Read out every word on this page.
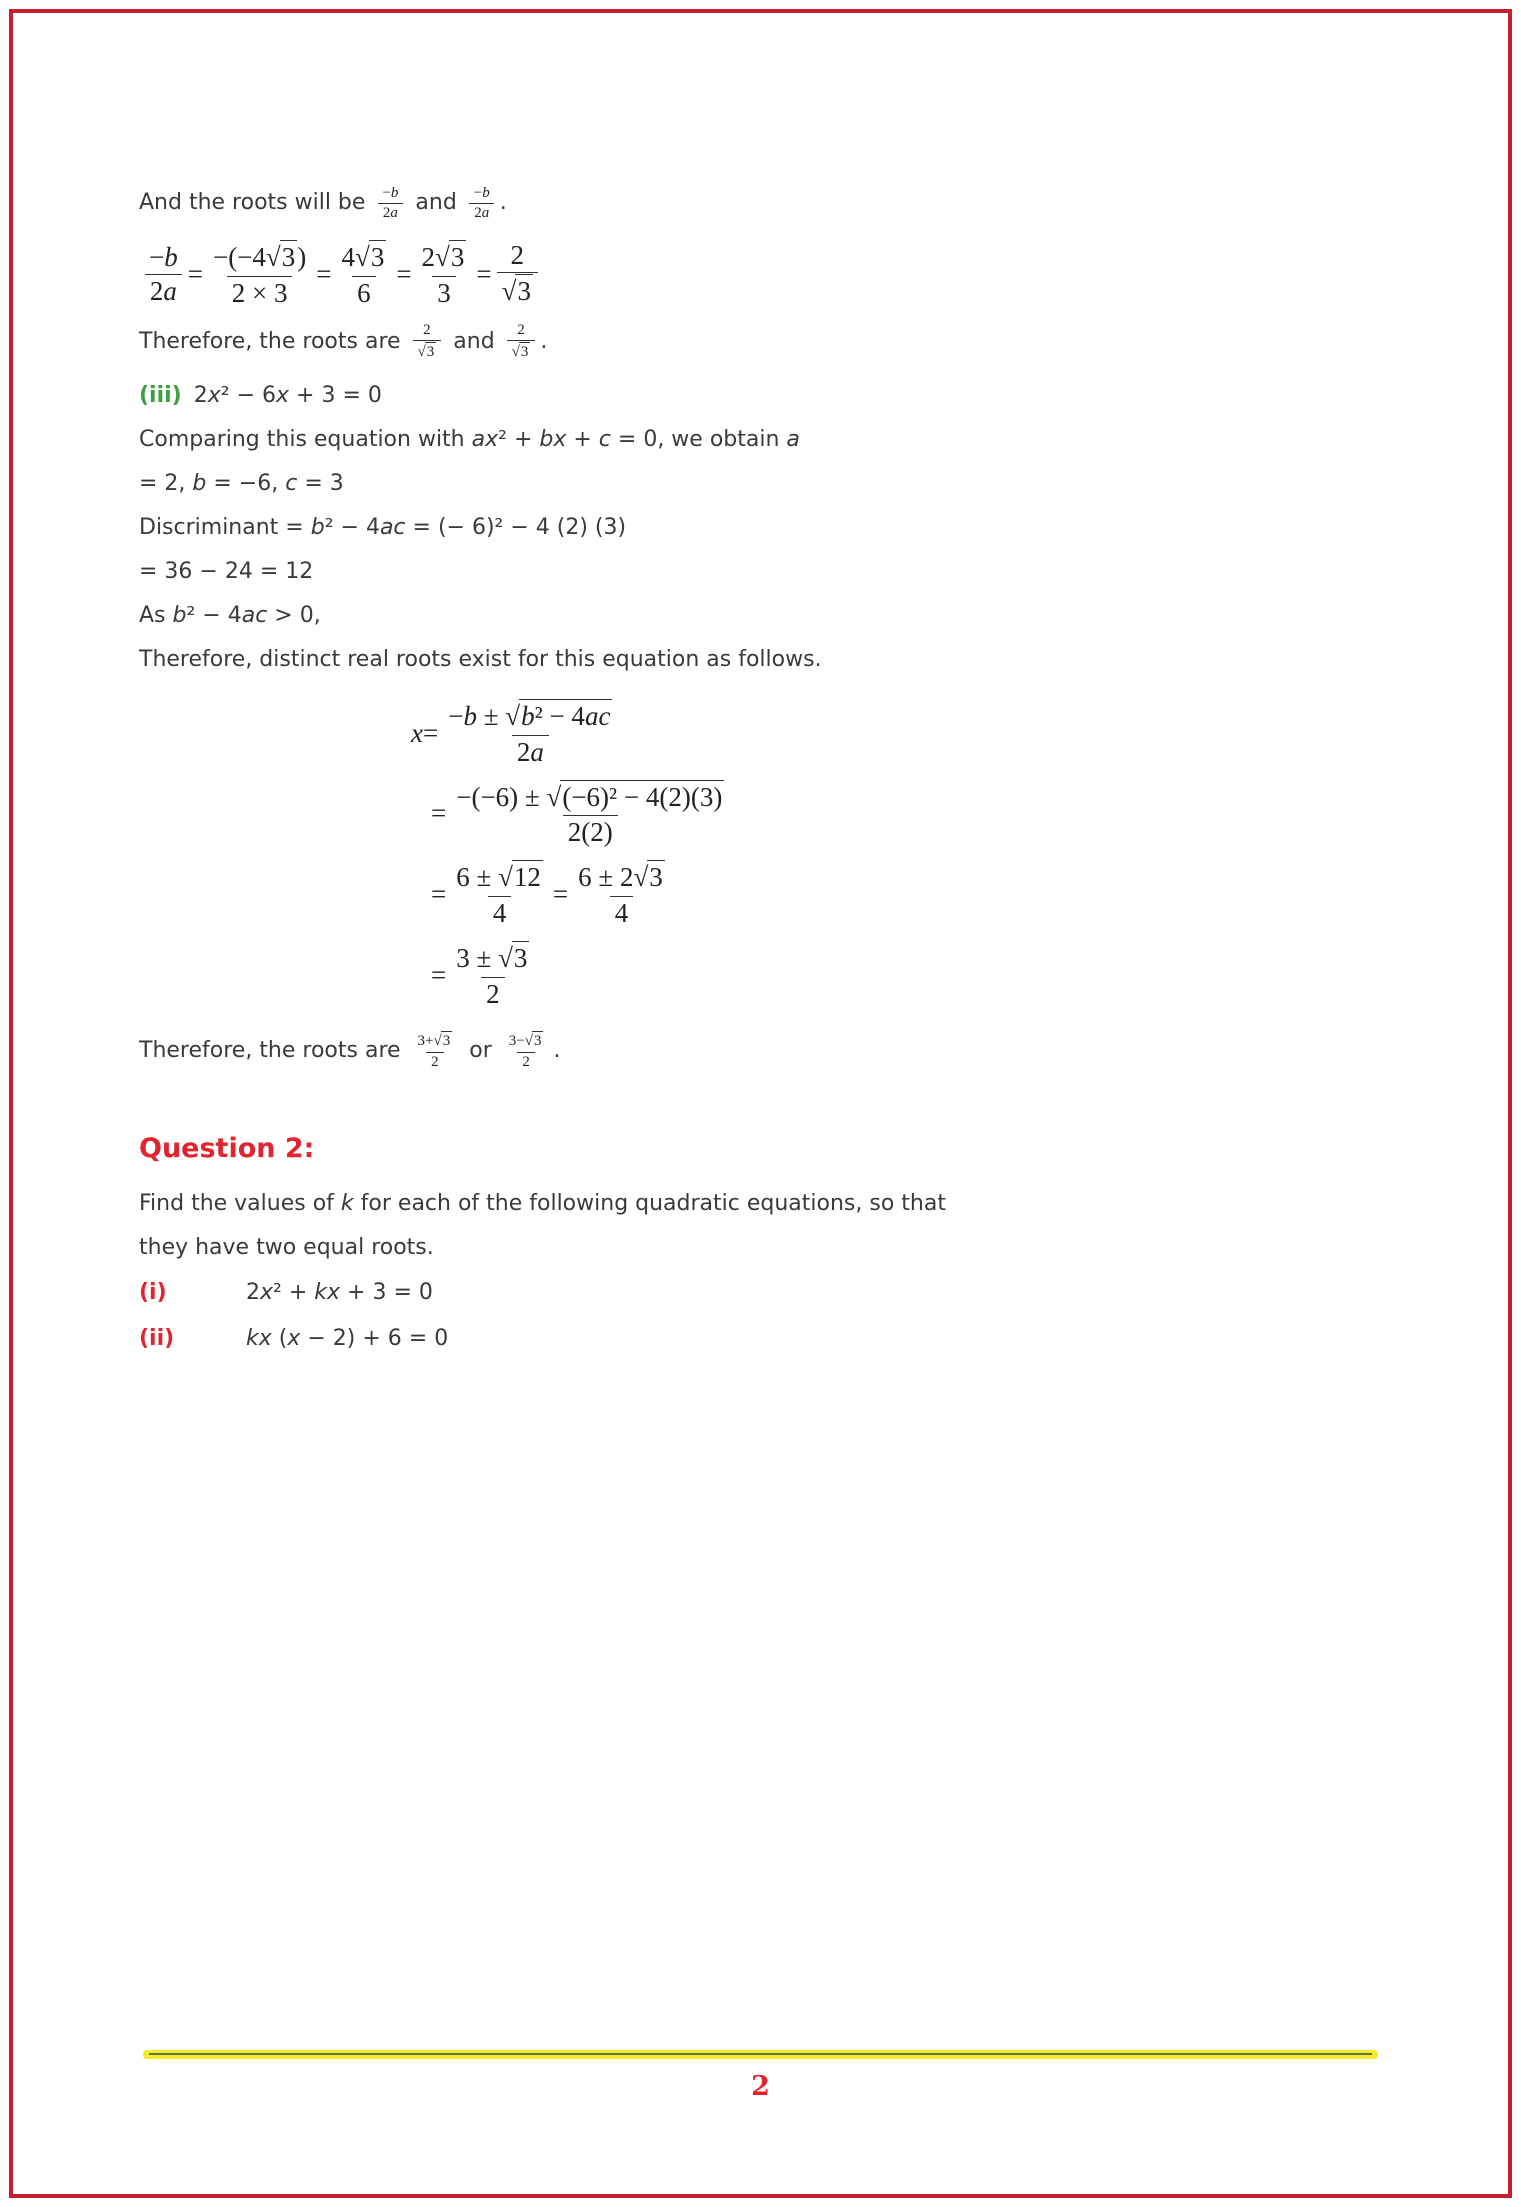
And the roots will be $\frac{-b}{2a}$ and $\frac{-b}{2a}$ .

$\frac{-b}{2a} = \frac{-(-4√3)}{2 \times 3} = \frac{4√3}{6} = \frac{2√3}{3} = \frac{2}{√3}$

Therefore, the roots are $\frac{2}{√3}$ and $\frac{2}{√3}$ .

(iii) 2x² − 6x + 3 = 0

Comparing this equation with ax² + bx + c = 0, we obtain a

= 2, b = −6, c = 3

Discriminant = b² − 4ac = (− 6)² − 4 (2) (3)

= 36 − 24 = 12

As b² − 4ac > 0,

Therefore, distinct real roots exist for this equation as follows.

$x = \frac{\text{−b ± √b² − 4ac}}{2a}$
= $\frac{\text{−(−6) ± √(−6)² − 4(2)(3)}}{2(2)}$
= $\frac{6 \pm √12}{4} = \frac{6 \pm 2√3}{4}$
= $\frac{3 \pm √3}{2}$

Therefore, the roots are $\frac{3+√3}{2}$ or $\frac{3-√3}{2}$ .

Question 2:

Find the values of k for each of the following quadratic equations, so that

they have two equal roots.

(i)	2x² + kx + 3 = 0
(ii)	kx (x − 2) + 6 = 0
2
